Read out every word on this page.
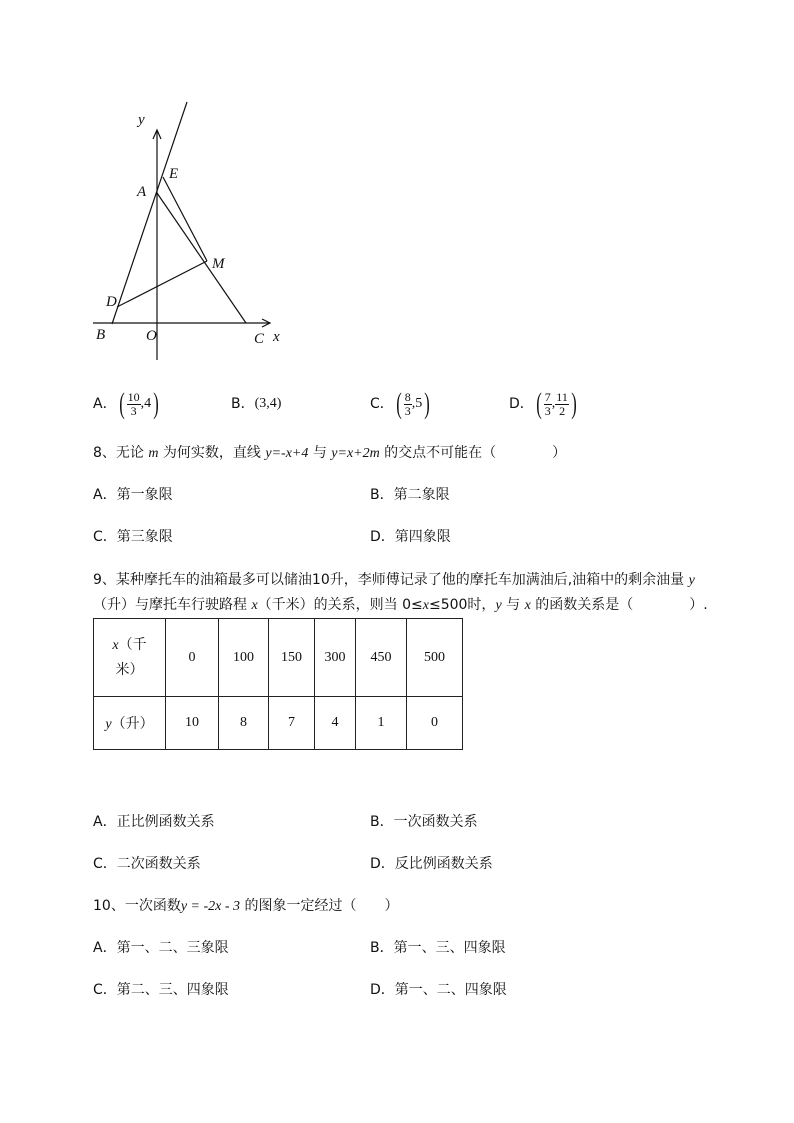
y
E
A
M
D
B	O	C x
A． ( $\frac{10}{3} ,4$ )	B． (3,4)	C． ( $\frac{8}{3} ,5$ )	D． ( $\frac{7}{3}$ , $\frac{11}{2}$ )
8、无论 m 为何实数，直线 y=-x+4 与 y=x+2m 的交点不可能在（　　　　）
A．第一象限	B．第二象限
C．第三象限	D．第四象限
9、某种摩托车的油箱最多可以储油10升，李师傅记录了他的摩托车加满油后,油箱中的剩余油量 y
（升）与摩托车行驶路程 x（千米）的关系，则当 0≤x≤500时，y 与 x 的函数关系是（　　　　）.
x（千
米）	0	100	150	300	450	500
y（升）	10	8	7	4	1	0
A．正比例函数关系	B．一次函数关系
C．二次函数关系	D．反比例函数关系
10、一次函数y = -2x - 3 的图象一定经过（　　）
A．第一、二、三象限	B．第一、三、四象限
C．第二、三、四象限	D．第一、二、四象限
